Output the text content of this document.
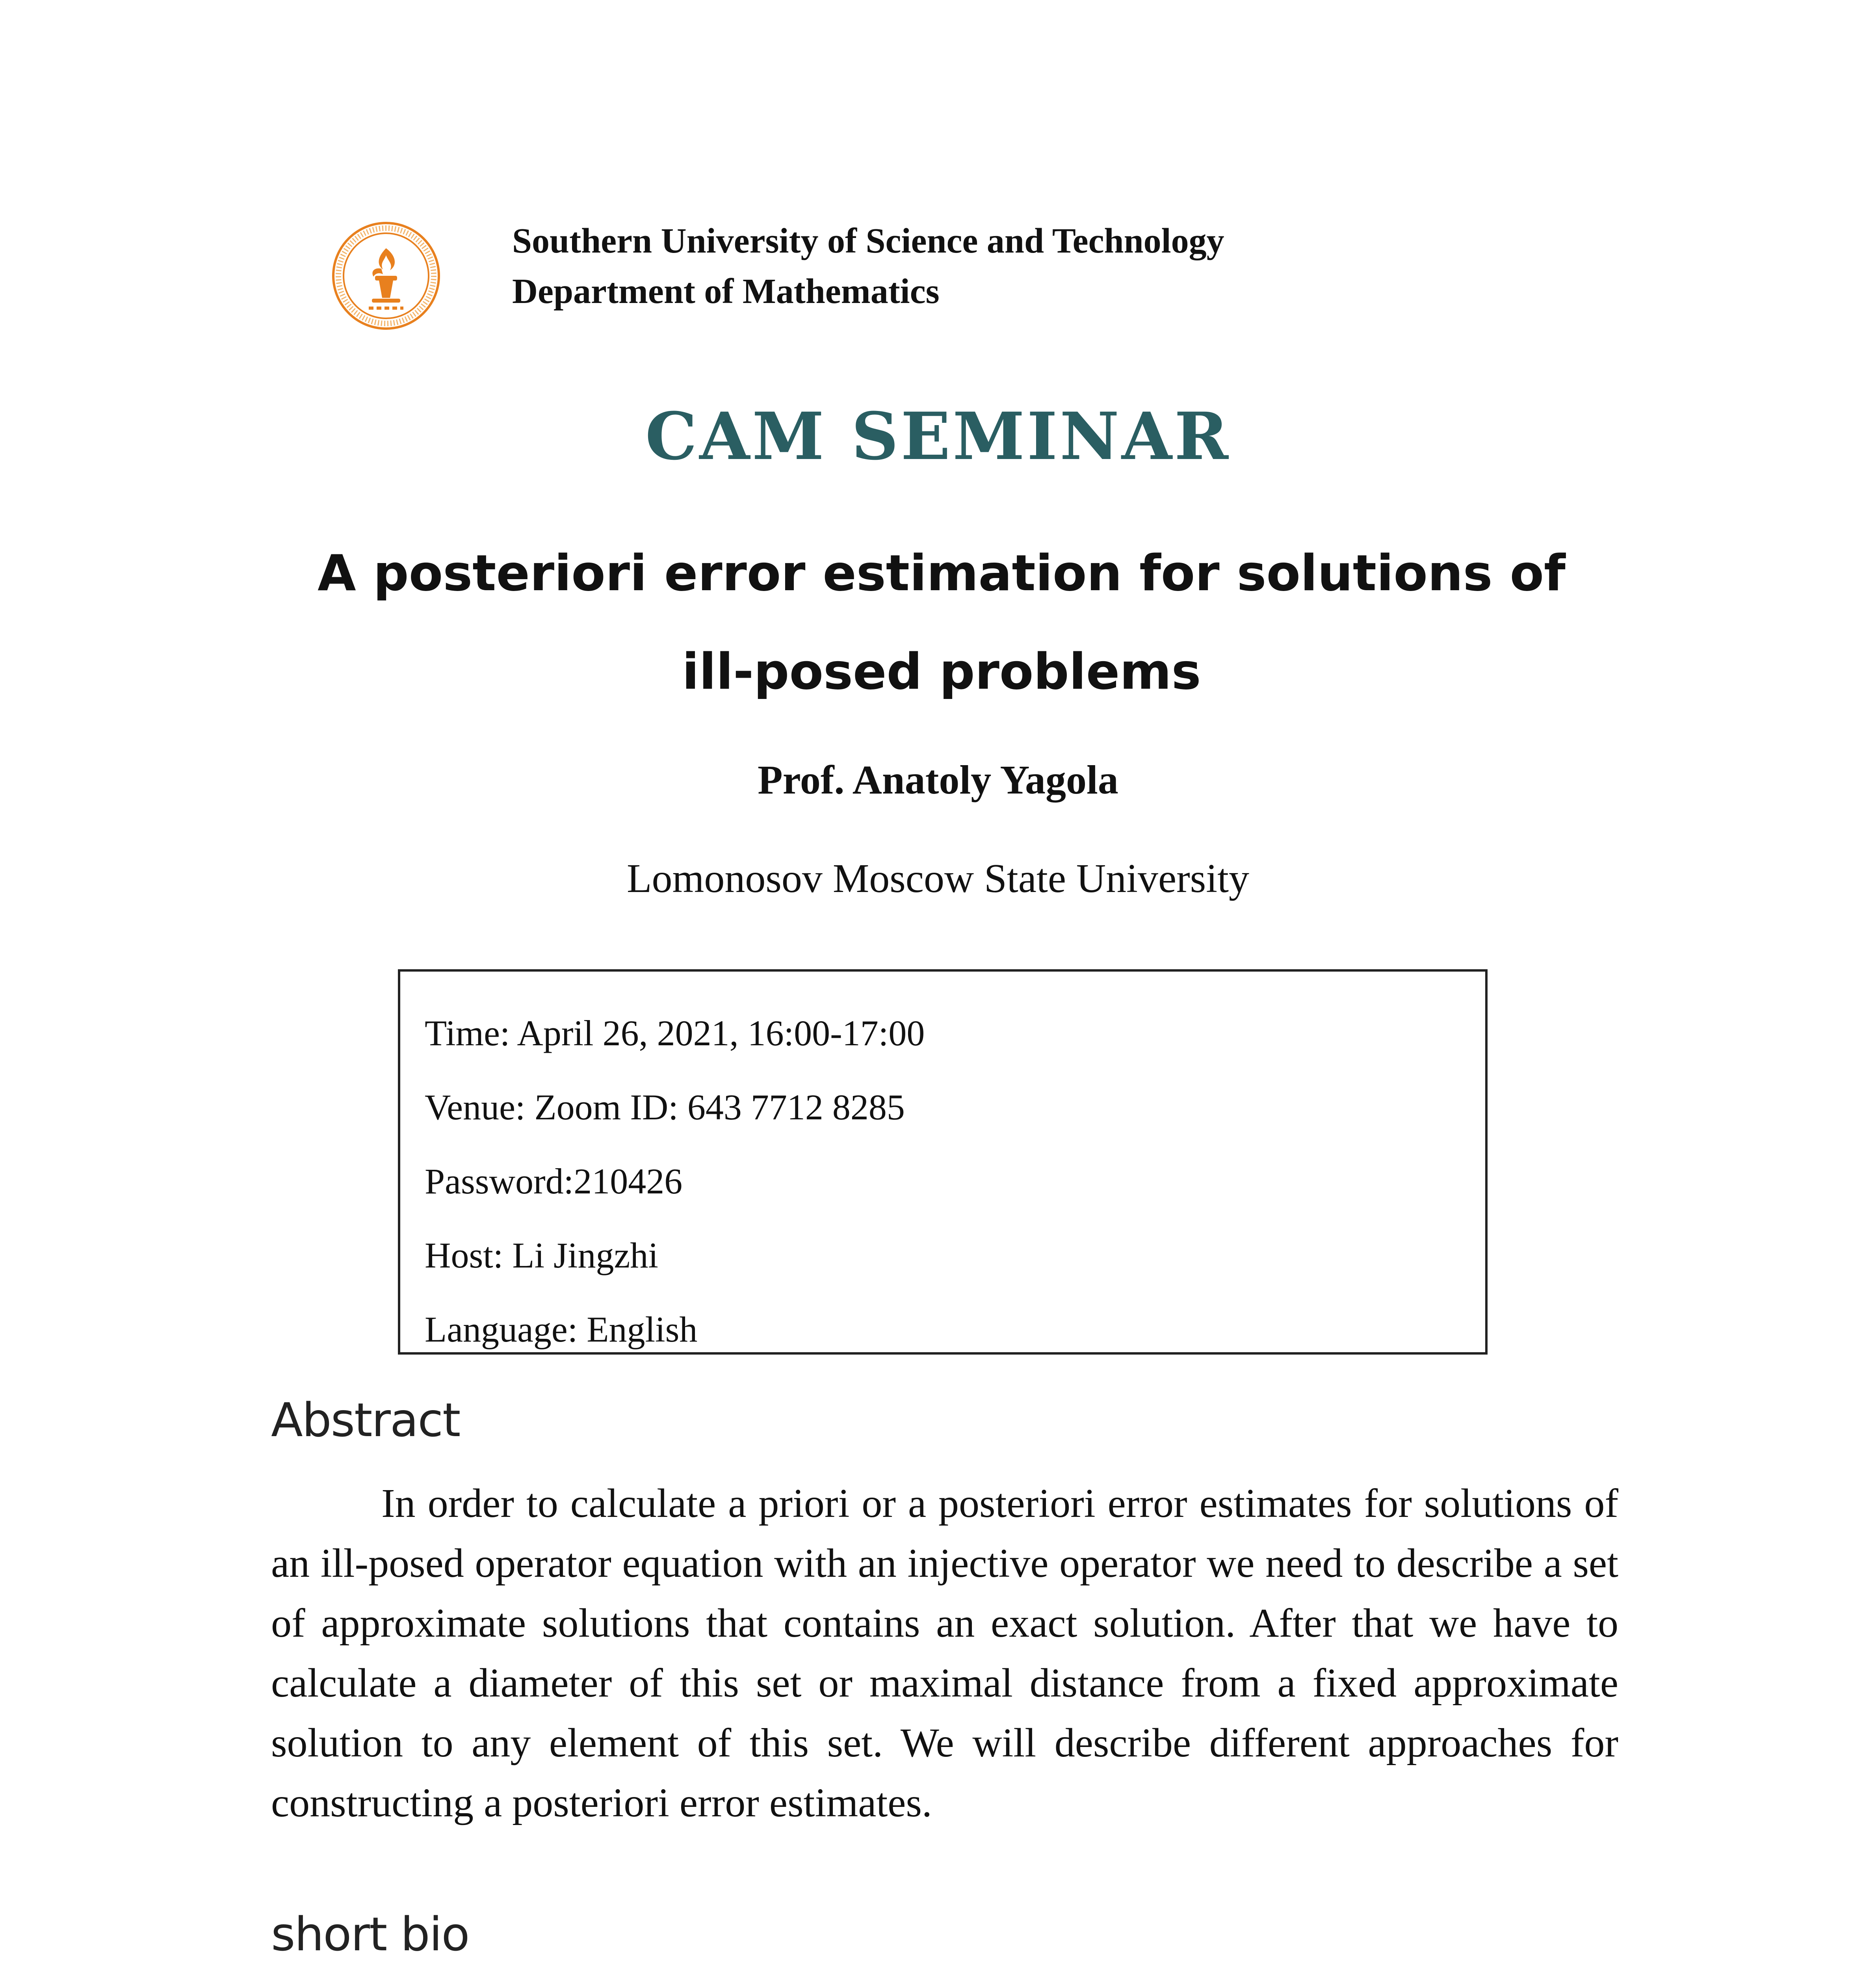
Southern University of Science and Technology
Department of Mathematics
CAM SEMINAR
A posteriori error estimation for solutions of ill-posed problems
Prof. Anatoly Yagola
Lomonosov Moscow State University
Time: April 26, 2021, 16:00-17:00
Venue: Zoom ID: 643 7712 8285
Password:210426
Host: Li Jingzhi
Language: English
Abstract

In order to calculate a priori or a posteriori error estimates for solutions of an ill-posed operator equation with an injective operator we need to describe a set of approximate solutions that contains an exact solution. After that we have to calculate a diameter of this set or maximal distance from a fixed approximate solution to any element of this set. We will describe different approaches for constructing a posteriori error estimates.

short bio
